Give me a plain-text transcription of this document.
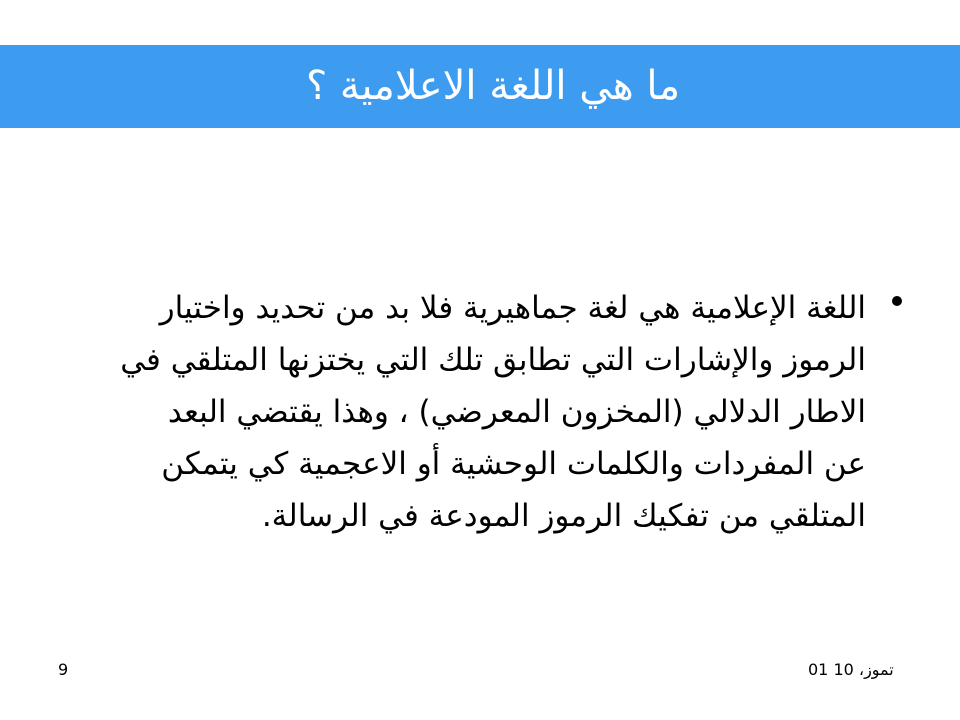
ما هي اللغة الاعلامية ؟
اللغة الإعلامية هي لغة جماهيرية فلا بد من تحديد واختيار
الرموز والإشارات التي تطابق تلك التي يختزنها المتلقي في
الاطار الدلالي (المخزون المعرضي) ، وهذا يقتضي البعد
عن المفردات والكلمات الوحشية أو الاعجمية كي يتمكن
المتلقي من تفكيك الرموز المودعة في الرسالة.
01 تموز، 10
9
